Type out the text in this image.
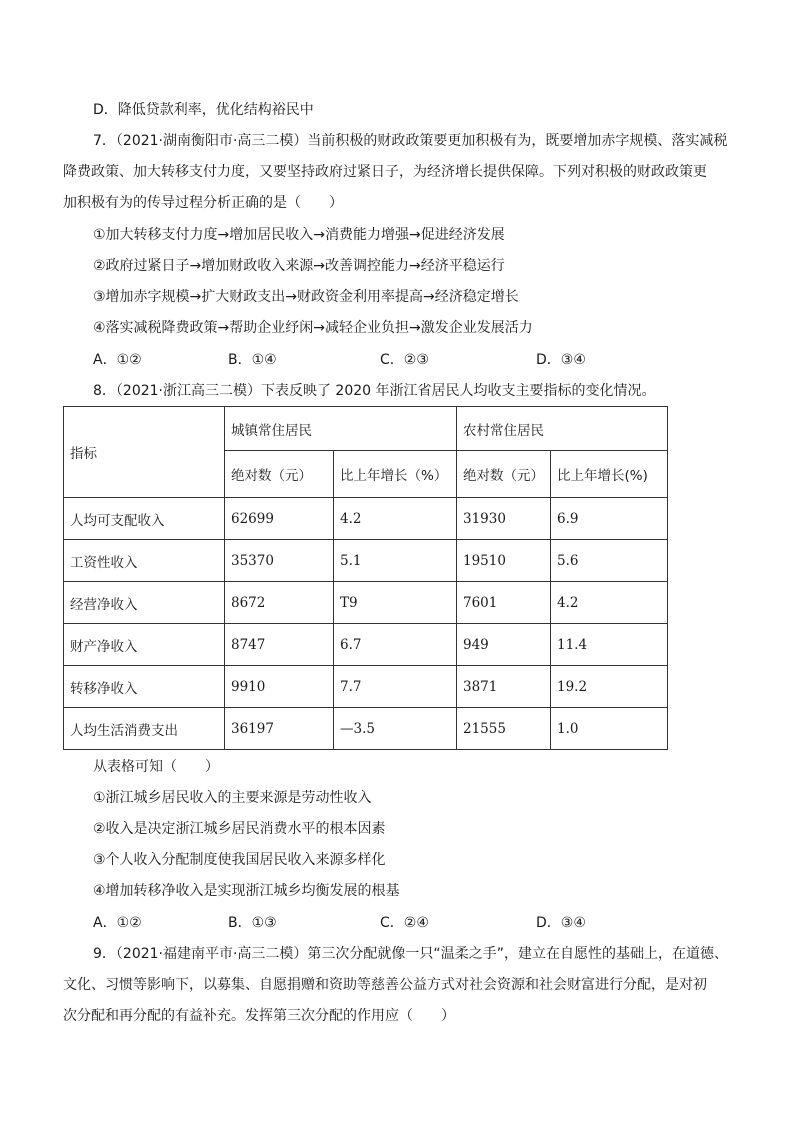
D．降低贷款利率，优化结构裕民中
7．（2021·湖南衡阳市·高三二模）当前积极的财政政策要更加积极有为，既要增加赤字规模、落实减税
降费政策、加大转移支付力度，又要坚持政府过紧日子，为经济增长提供保障。下列对积极的财政政策更
加积极有为的传导过程分析正确的是（　　）
①加大转移支付力度→增加居民收入→消费能力增强→促进经济发展
②政府过紧日子→增加财政收入来源→改善调控能力→经济平稳运行
③增加赤字规模→扩大财政支出→财政资金利用率提高→经济稳定增长
④落实减税降费政策→帮助企业纾闲→减轻企业负担→激发企业发展活力
A．①②	B．①④	C．②③	D．③④
8．（2021·浙江高三二模）下表反映了 2020 年浙江省居民人均收支主要指标的变化情况。
指标	城镇常住居民		农村常住居民	
	绝对数（元）	比上年增长（%）	绝对数（元）	比上年增长(%)
人均可支配收入	62699	4.2	31930	6.9
工资性收入	35370	5.1	19510	5.6
经营净收入	8672	T9	7601	4.2
财产净收入	8747	6.7	949	11.4
转移净收入	9910	7.7	3871	19.2
人均生活消费支出	36197	—3.5	21555	1.0
从表格可知（　　）
①浙江城乡居民收入的主要来源是劳动性收入
②收入是决定浙江城乡居民消费水平的根本因素
③个人收入分配制度使我国居民收入来源多样化
④增加转移净收入是实现浙江城乡均衡发展的根基
A．①②	B．①③	C．②④	D．③④
9．（2021·福建南平市·高三二模）第三次分配就像一只“温柔之手”，建立在自愿性的基础上，在道德、
文化、习惯等影响下，以募集、自愿捐赠和资助等慈善公益方式对社会资源和社会财富进行分配，是对初
次分配和再分配的有益补充。发挥第三次分配的作用应（　　）
